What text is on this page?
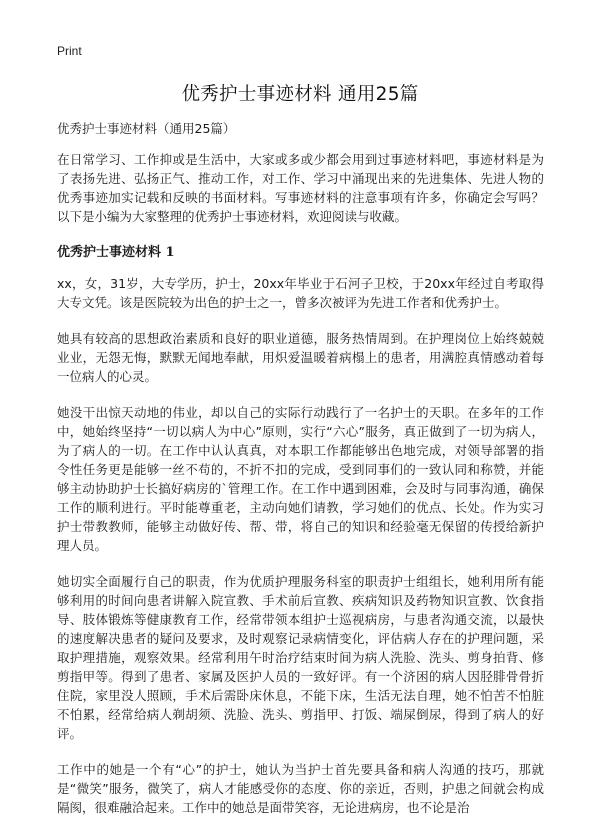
Print
优秀护士事迹材料 通用25篇

优秀护士事迹材料（通用25篇）

在日常学习、工作抑或是生活中，大家或多或少都会用到过事迹材料吧，事迹材料是为了表扬先进、弘扬正气、推动工作，对工作、学习中涌现出来的先进集体、先进人物的优秀事迹加实记载和反映的书面材料。写事迹材料的注意事项有许多，你确定会写吗？以下是小编为大家整理的优秀护士事迹材料，欢迎阅读与收藏。

优秀护士事迹材料 1

xx，女，31岁，大专学历，护士，20xx年毕业于石河子卫校，于20xx年经过自考取得大专文凭。该是医院较为出色的护士之一，曾多次被评为先进工作者和优秀护士。

她具有较高的思想政治素质和良好的职业道德，服务热情周到。在护理岗位上始终兢兢业业，无怨无悔，默默无闻地奉献，用炽爱温暖着病榻上的患者，用满腔真情感动着每一位病人的心灵。

她没干出惊天动地的伟业，却以自己的实际行动践行了一名护士的天职。在多年的工作中，她始终坚持“一切以病人为中心”原则，实行“六心”服务，真正做到了一切为病人，为了病人的一切。在工作中认认真真，对本职工作都能够出色地完成，对领导部署的指令性任务更是能够一丝不苟的，不折不扣的完成，受到同事们的一致认同和称赞，并能够主动协助护士长搞好病房的`管理工作。在工作中遇到困难，会及时与同事沟通，确保工作的顺利进行。平时能尊重老，主动向她们请教，学习她们的优点、长处。作为实习护士带教教师，能够主动做好传、帮、带，将自己的知识和经验毫无保留的传授给新护理人员。

她切实全面履行自己的职责，作为优质护理服务科室的职责护士组组长，她利用所有能够利用的时间向患者讲解入院宣教、手术前后宣教、疾病知识及药物知识宣教、饮食指导、肢体锻炼等健康教育工作，经常带领本组护士巡视病房，与患者沟通交流，以最快的速度解决患者的疑问及要求，及时观察记录病情变化，评估病人存在的护理问题，采取护理措施，观察效果。经常利用午时治疗结束时间为病人洗脸、洗头、剪身拍背、修剪指甲等。得到了患者、家属及医护人员的一致好评。有一个济困的病人因胫腓骨骨折住院，家里没人照顾，手术后需卧床休息，不能下床，生活无法自理，她不怕苦不怕脏不怕累，经常给病人剃胡须、洗脸、洗头、剪指甲、打饭、端屎倒尿，得到了病人的好评。

工作中的她是一个有“心”的护士，她认为当护士首先要具备和病人沟通的技巧，那就是“微笑”服务，微笑了，病人才能感受你的态度、你的亲近，否则，护患之间就会构成隔阂，很难融洽起来。工作中的她总是面带笑容，无论进病房，也不论是治
